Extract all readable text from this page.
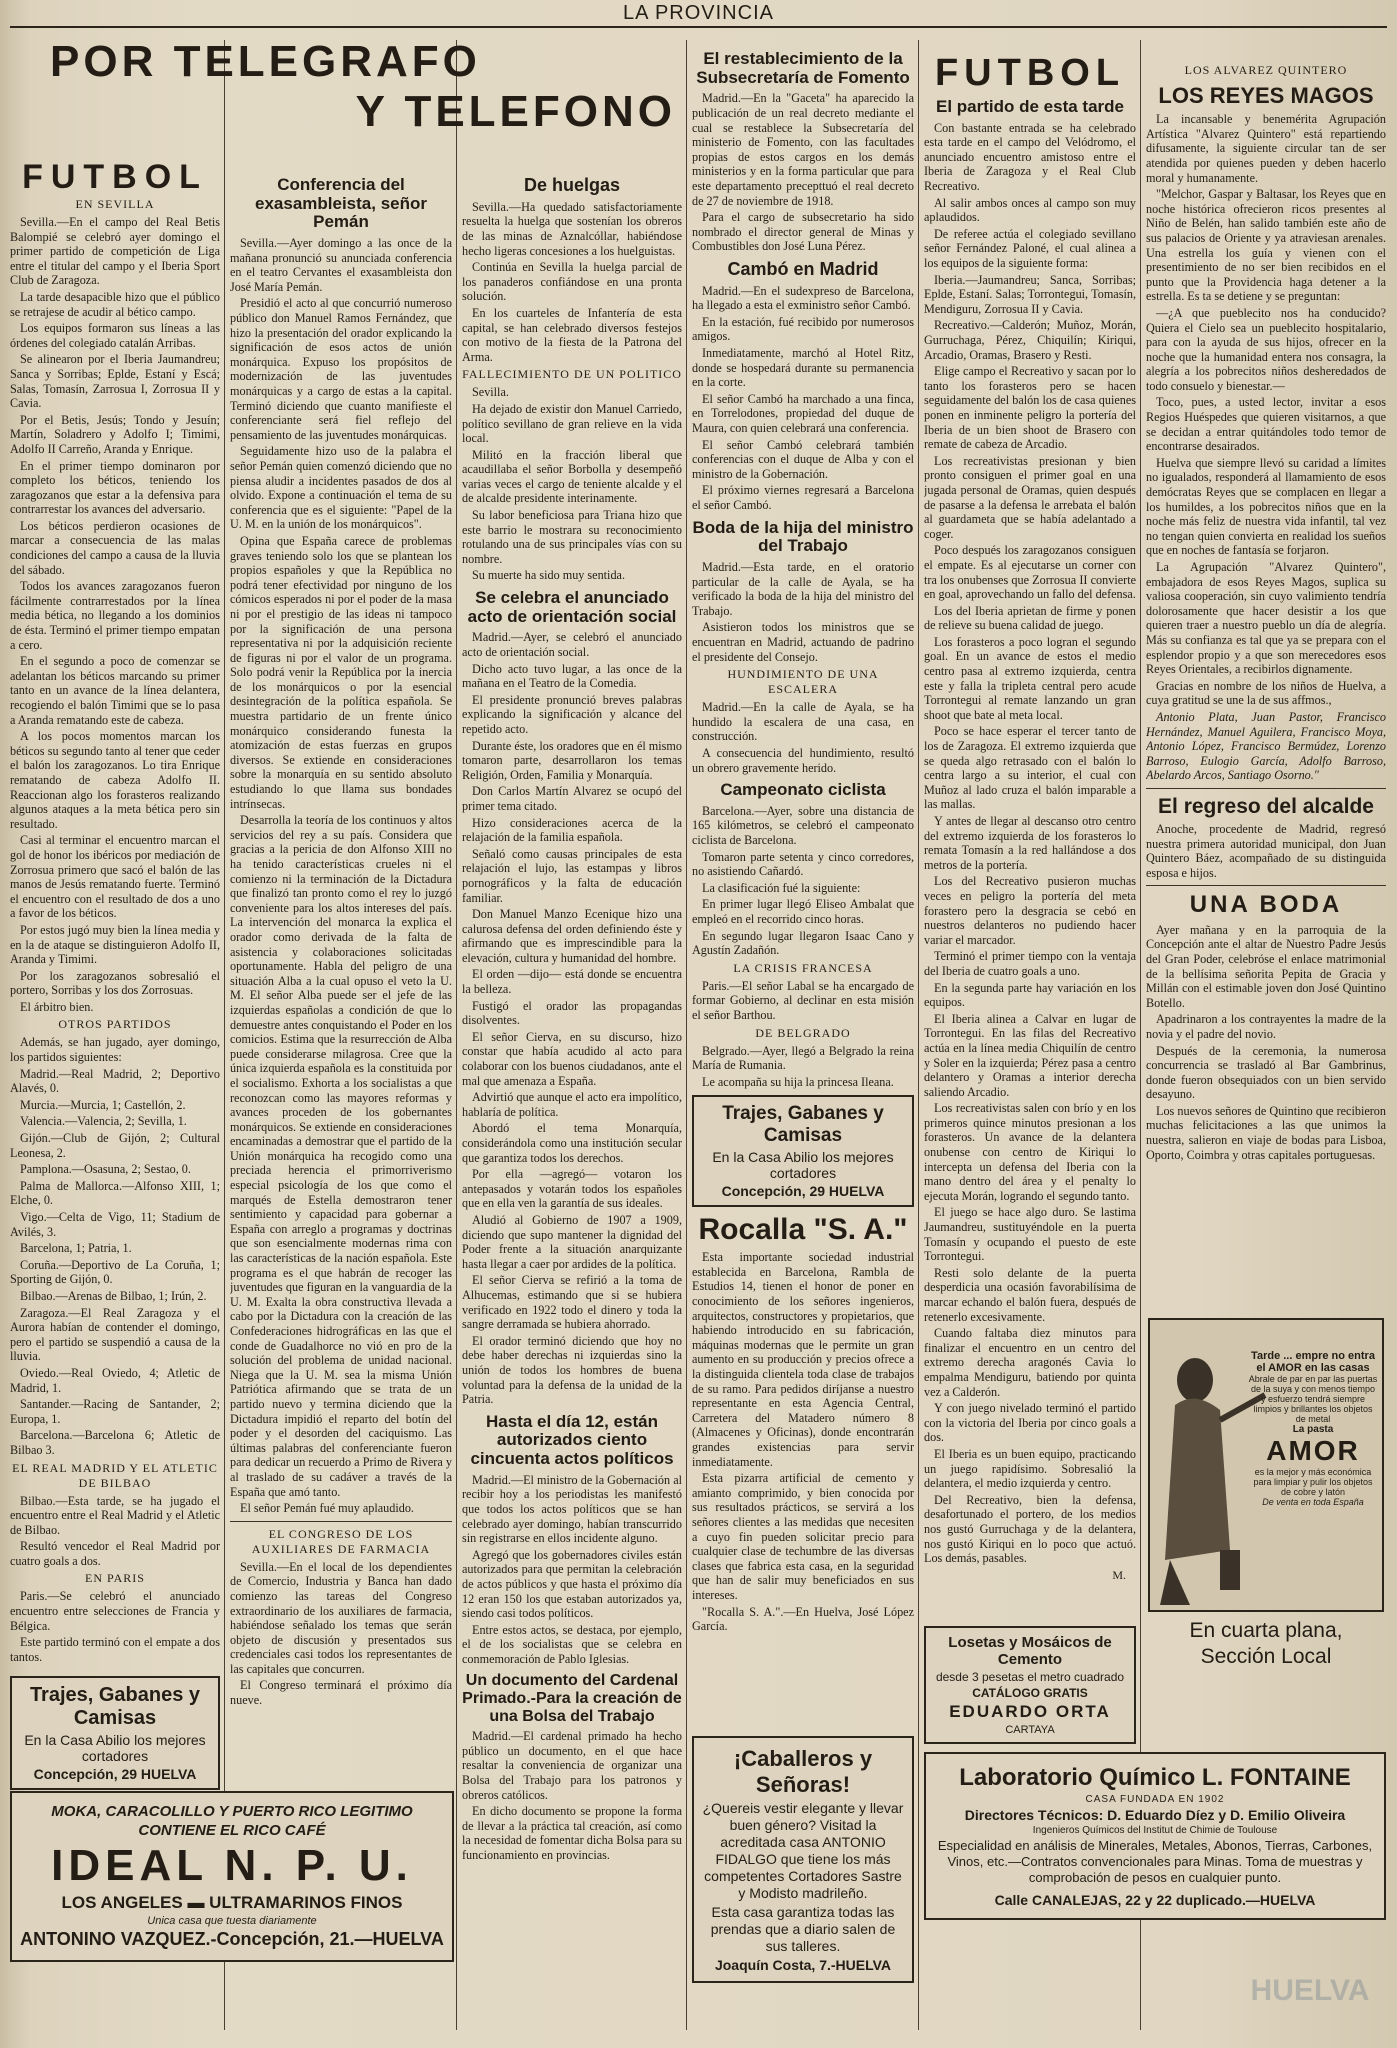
LA PROVINCIA
POR TELEGRAFO
Y TELEFONO
FUTBOL
EN SEVILLA

Sevilla.—En el campo del Real Betis Balompié se celebró ayer domingo el primer partido de competición de Liga entre el titular del campo y el Iberia Sport Club de Zaragoza.

La tarde desapacible hizo que el público se retrajese de acudir al bético campo.

Los equipos formaron sus líneas a las órdenes del colegiado catalán Arribas.

Se alinearon por el Iberia Jaumandreu; Sanca y Sorribas; Eplde, Estaní y Escá; Salas, Tomasín, Zarrosua I, Zorrosua II y Cavia.

Por el Betis, Jesús; Tondo y Jesuín; Martín, Soladrero y Adolfo I; Timimi, Adolfo II Carreño, Aranda y Enrique.

En el primer tiempo dominaron por completo los béticos, teniendo los zaragozanos que estar a la defensiva para contrarrestar los avances del adversario.

Los béticos perdieron ocasiones de marcar a consecuencia de las malas condiciones del campo a causa de la lluvia del sábado.

Todos los avances zaragozanos fueron fácilmente contrarrestados por la línea media bética, no llegando a los dominios de ésta. Terminó el primer tiempo empatan a cero.

En el segundo a poco de comenzar se adelantan los béticos marcando su primer tanto en un avance de la línea delantera, recogiendo el balón Timimi que se lo pasa a Aranda rematando este de cabeza.

A los pocos momentos marcan los béticos su segundo tanto al tener que ceder el balón los zaragozanos. Lo tira Enrique rematando de cabeza Adolfo II. Reaccionan algo los forasteros realizando algunos ataques a la meta bética pero sin resultado.

Casi al terminar el encuentro marcan el gol de honor los ibéricos por mediación de Zorrosua primero que sacó el balón de las manos de Jesús rematando fuerte. Terminó el encuentro con el resultado de dos a uno a favor de los béticos.

Por estos jugó muy bien la línea media y en la de ataque se distinguieron Adolfo II, Aranda y Timimi.

Por los zaragozanos sobresalió el portero, Sorribas y los dos Zorrosuas.

El árbitro bien.

OTROS PARTIDOS

Además, se han jugado, ayer domingo, los partidos siguientes:

Madrid.—Real Madrid, 2; Deportivo Alavés, 0.

Murcia.—Murcia, 1; Castellón, 2.

Valencia.—Valencia, 2; Sevilla, 1.

Gijón.—Club de Gijón, 2; Cultural Leonesa, 2.

Pamplona.—Osasuna, 2; Sestao, 0.

Palma de Mallorca.—Alfonso XIII, 1; Elche, 0.

Vigo.—Celta de Vigo, 11; Stadium de Avilés, 3.

Barcelona, 1; Patria, 1.

Coruña.—Deportivo de La Coruña, 1; Sporting de Gijón, 0.

Bilbao.—Arenas de Bilbao, 1; Irún, 2.

Zaragoza.—El Real Zaragoza y el Aurora habían de contender el domingo, pero el partido se suspendió a causa de la lluvia.

Oviedo.—Real Oviedo, 4; Atletic de Madrid, 1.

Santander.—Racing de Santander, 2; Europa, 1.

Barcelona.—Barcelona 6; Atletic de Bilbao 3.

EL REAL MADRID Y EL ATLETIC DE BILBAO

Bilbao.—Esta tarde, se ha jugado el encuentro entre el Real Madrid y el Atletic de Bilbao.

Resultó vencedor el Real Madrid por cuatro goals a dos.

EN PARIS

Paris.—Se celebró el anunciado encuentro entre selecciones de Francia y Bélgica.

Este partido terminó con el empate a dos tantos.

Trajes, Gabanes y Camisas
En la Casa Abilio los mejores cortadores
Concepción, 29 HUELVA
MOKA, CARACOLILLO Y PUERTO RICO LEGITIMO
CONTIENE EL RICO CAFÉ
IDEAL N. P. U.
LOS ANGELES ▬ ULTRAMARINOS FINOS
Unica casa que tuesta diariamente
ANTONINO VAZQUEZ.-Concepción, 21.—HUELVA
Conferencia del exasambleista, señor Pemán

Sevilla.—Ayer domingo a las once de la mañana pronunció su anunciada conferencia en el teatro Cervantes el exasambleista don José María Pemán.

Presidió el acto al que concurrió numeroso público don Manuel Ramos Fernández, que hizo la presentación del orador explicando la significación de esos actos de unión monárquica. Expuso los propósitos de modernización de las juventudes monárquicas y a cargo de estas a la capital. Terminó diciendo que cuanto manifieste el conferenciante será fiel reflejo del pensamiento de las juventudes monárquicas.

Seguidamente hizo uso de la palabra el señor Pemán quien comenzó diciendo que no piensa aludir a incidentes pasados de dos al olvido. Expone a continuación el tema de su conferencia que es el siguiente: "Papel de la U. M. en la unión de los monárquicos".

Opina que España carece de problemas graves teniendo solo los que se plantean los propios españoles y que la República no podrá tener efectividad por ninguno de los cómicos esperados ni por el poder de la masa ni por el prestigio de las ideas ni tampoco por la significación de una persona representativa ni por la adquisición reciente de figuras ni por el valor de un programa. Solo podrá venir la República por la inercia de los monárquicos o por la esencial desintegración de la política española. Se muestra partidario de un frente único monárquico considerando funesta la atomización de estas fuerzas en grupos diversos. Se extiende en consideraciones sobre la monarquía en su sentido absoluto estudiando lo que llama sus bondades intrínsecas.

Desarrolla la teoría de los continuos y altos servicios del rey a su país. Considera que gracias a la pericia de don Alfonso XIII no ha tenido características crueles ni el comienzo ni la terminación de la Dictadura que finalizó tan pronto como el rey lo juzgó conveniente para los altos intereses del país. La intervención del monarca la explica el orador como derivada de la falta de asistencia y colaboraciones solicitadas oportunamente. Habla del peligro de una situación Alba a la cual opuso el veto la U. M. El señor Alba puede ser el jefe de las izquierdas españolas a condición de que lo demuestre antes conquistando el Poder en los comicios. Estima que la resurrección de Alba puede considerarse milagrosa. Cree que la única izquierda española es la constituida por el socialismo. Exhorta a los socialistas a que reconozcan como las mayores reformas y avances proceden de los gobernantes monárquicos. Se extiende en consideraciones encaminadas a demostrar que el partido de la Unión monárquica ha recogido como una preciada herencia el primorriverismo especial psicología de los que como el marqués de Estella demostraron tener sentimiento y capacidad para gobernar a España con arreglo a programas y doctrinas que son esencialmente modernas rima con las características de la nación española. Este programa es el que habrán de recoger las juventudes que figuran en la vanguardia de la U. M. Exalta la obra constructiva llevada a cabo por la Dictadura con la creación de las Confederaciones hidrográficas en las que el conde de Guadalhorce no vió en pro de la solución del problema de unidad nacional. Niega que la U. M. sea la misma Unión Patriótica afirmando que se trata de un partido nuevo y termina diciendo que la Dictadura impidió el reparto del botín del poder y el desorden del caciquismo. Las últimas palabras del conferenciante fueron para dedicar un recuerdo a Primo de Rivera y al traslado de su cadáver a través de la España que amó tanto.

El señor Pemán fué muy aplaudido.

EL CONGRESO DE LOS AUXILIARES DE FARMACIA

Sevilla.—En el local de los dependientes de Comercio, Industria y Banca han dado comienzo las tareas del Congreso extraordinario de los auxiliares de farmacia, habiéndose señalado los temas que serán objeto de discusión y presentados sus credenciales casi todos los representantes de las capitales que concurren.

El Congreso terminará el próximo día nueve.

De huelgas

Sevilla.—Ha quedado satisfactoriamente resuelta la huelga que sostenían los obreros de las minas de Aznalcóllar, habiéndose hecho ligeras concesiones a los huelguistas.

Continúa en Sevilla la huelga parcial de los panaderos confiándose en una pronta solución.

En los cuarteles de Infantería de esta capital, se han celebrado diversos festejos con motivo de la fiesta de la Patrona del Arma.

FALLECIMIENTO DE UN POLITICO

Sevilla.

Ha dejado de existir don Manuel Carriedo, político sevillano de gran relieve en la vida local.

Militó en la fracción liberal que acaudillaba el señor Borbolla y desempeñó varias veces el cargo de teniente alcalde y el de alcalde presidente interinamente.

Su labor beneficiosa para Triana hizo que este barrio le mostrara su reconocimiento rotulando una de sus principales vías con su nombre.

Su muerte ha sido muy sentida.

Se celebra el anunciado acto de orientación social

Madrid.—Ayer, se celebró el anunciado acto de orientación social.

Dicho acto tuvo lugar, a las once de la mañana en el Teatro de la Comedia.

El presidente pronunció breves palabras explicando la significación y alcance del repetido acto.

Durante éste, los oradores que en él mismo tomaron parte, desarrollaron los temas Religión, Orden, Familia y Monarquía.

Don Carlos Martín Alvarez se ocupó del primer tema citado.

Hizo consideraciones acerca de la relajación de la familia española.

Señaló como causas principales de esta relajación el lujo, las estampas y libros pornográficos y la falta de educación familiar.

Don Manuel Manzo Ecenique hizo una calurosa defensa del orden definiendo éste y afirmando que es imprescindible para la elevación, cultura y humanidad del hombre.

El orden —dijo— está donde se encuentra la belleza.

Fustigó el orador las propagandas disolventes.

El señor Cierva, en su discurso, hizo constar que había acudido al acto para colaborar con los buenos ciudadanos, ante el mal que amenaza a España.

Advirtió que aunque el acto era impolítico, hablaría de política.

Abordó el tema Monarquía, considerándola como una institución secular que garantiza todos los derechos.

Por ella —agregó— votaron los antepasados y votarán todos los españoles que en ella ven la garantía de sus ideales.

Aludió al Gobierno de 1907 a 1909, diciendo que supo mantener la dignidad del Poder frente a la situación anarquizante hasta llegar a caer por ardides de la política.

El señor Cierva se refirió a la toma de Alhucemas, estimando que si se hubiera verificado en 1922 todo el dinero y toda la sangre derramada se hubiera ahorrado.

El orador terminó diciendo que hoy no debe haber derechas ni izquierdas sino la unión de todos los hombres de buena voluntad para la defensa de la unidad de la Patria.

Hasta el día 12, están autorizados ciento cincuenta actos políticos

Madrid.—El ministro de la Gobernación al recibir hoy a los periodistas les manifestó que todos los actos políticos que se han celebrado ayer domingo, habían transcurrido sin registrarse en ellos incidente alguno.

Agregó que los gobernadores civiles están autorizados para que permitan la celebración de actos públicos y que hasta el próximo día 12 eran 150 los que estaban autorizados ya, siendo casi todos políticos.

Entre estos actos, se destaca, por ejemplo, el de los socialistas que se celebra en conmemoración de Pablo Iglesias.

Un documento del Cardenal Primado.-Para la creación de una Bolsa del Trabajo

Madrid.—El cardenal primado ha hecho público un documento, en el que hace resaltar la conveniencia de organizar una Bolsa del Trabajo para los patronos y obreros católicos.

En dicho documento se propone la forma de llevar a la práctica tal creación, así como la necesidad de fomentar dicha Bolsa para su funcionamiento en provincias.

El restablecimiento de la Subsecretaría de Fomento

Madrid.—En la "Gaceta" ha aparecido la publicación de un real decreto mediante el cual se restablece la Subsecretaría del ministerio de Fomento, con las facultades propias de estos cargos en los demás ministerios y en la forma particular que para este departamento precepttuó el real decreto de 27 de noviembre de 1918.

Para el cargo de subsecretario ha sido nombrado el director general de Minas y Combustibles don José Luna Pérez.

Cambó en Madrid

Madrid.—En el sudexpreso de Barcelona, ha llegado a esta el exministro señor Cambó.

En la estación, fué recibido por numerosos amigos.

Inmediatamente, marchó al Hotel Ritz, donde se hospedará durante su permanencia en la corte.

El señor Cambó ha marchado a una finca, en Torrelodones, propiedad del duque de Maura, con quien celebrará una conferencia.

El señor Cambó celebrará también conferencias con el duque de Alba y con el ministro de la Gobernación.

El próximo viernes regresará a Barcelona el señor Cambó.

Boda de la hija del ministro del Trabajo

Madrid.—Esta tarde, en el oratorio particular de la calle de Ayala, se ha verificado la boda de la hija del ministro del Trabajo.

Asistieron todos los ministros que se encuentran en Madrid, actuando de padrino el presidente del Consejo.

HUNDIMIENTO DE UNA ESCALERA

Madrid.—En la calle de Ayala, se ha hundido la escalera de una casa, en construcción.

A consecuencia del hundimiento, resultó un obrero gravemente herido.

Campeonato ciclista

Barcelona.—Ayer, sobre una distancia de 165 kilómetros, se celebró el campeonato ciclista de Barcelona.

Tomaron parte setenta y cinco corredores, no asistiendo Cañardó.

La clasificación fué la siguiente:

En primer lugar llegó Eliseo Ambalat que empleó en el recorrido cinco horas.

En segundo lugar llegaron Isaac Cano y Agustín Zadañón.

LA CRISIS FRANCESA

Paris.—El señor Labal se ha encargado de formar Gobierno, al declinar en esta misión el señor Barthou.

DE BELGRADO

Belgrado.—Ayer, llegó a Belgrado la reina María de Rumania.

Le acompaña su hija la princesa Ileana.

Trajes, Gabanes y Camisas
En la Casa Abilio los mejores cortadores
Concepción, 29 HUELVA
Rocalla "S. A."

Esta importante sociedad industrial establecida en Barcelona, Rambla de Estudios 14, tienen el honor de poner en conocimiento de los señores ingenieros, arquitectos, constructores y propietarios, que habiendo introducido en su fabricación, máquinas modernas que le permite un gran aumento en su producción y precios ofrece a la distinguida clientela toda clase de trabajos de su ramo. Para pedidos diríjanse a nuestro representante en esta Agencia Central, Carretera del Matadero número 8 (Almacenes y Oficinas), donde encontrarán grandes existencias para servir inmediatamente.

Esta pizarra artificial de cemento y amianto comprimido, y bien conocida por sus resultados prácticos, se servirá a los señores clientes a las medidas que necesiten a cuyo fin pueden solicitar precio para cualquier clase de techumbre de las diversas clases que fabrica esta casa, en la seguridad que han de salir muy beneficiados en sus intereses.

"Rocalla S. A.".—En Huelva, José López García.

¡Caballeros y Señoras!
¿Quereis vestir elegante y llevar buen género? Visitad la acreditada casa ANTONIO FIDALGO que tiene los más competentes Cortadores Sastre y Modisto madrileño.
Esta casa garantiza todas las prendas que a diario salen de sus talleres.
Joaquín Costa, 7.-HUELVA
FUTBOL
El partido de esta tarde

Con bastante entrada se ha celebrado esta tarde en el campo del Velódromo, el anunciado encuentro amistoso entre el Iberia de Zaragoza y el Real Club Recreativo.

Al salir ambos onces al campo son muy aplaudidos.

De referee actúa el colegiado sevillano señor Fernández Paloné, el cual alinea a los equipos de la siguiente forma:

Iberia.—Jaumandreu; Sanca, Sorribas; Eplde, Estaní. Salas; Torrontegui, Tomasín, Mendiguru, Zorrosua II y Cavia.

Recreativo.—Calderón; Muñoz, Morán, Gurruchaga, Pérez, Chiquilín; Kiriqui, Arcadio, Oramas, Brasero y Resti.

Elige campo el Recreativo y sacan por lo tanto los forasteros pero se hacen seguidamente del balón los de casa quienes ponen en inminente peligro la portería del Iberia de un bien shoot de Brasero con remate de cabeza de Arcadio.

Los recreativistas presionan y bien pronto consiguen el primer goal en una jugada personal de Oramas, quien después de pasarse a la defensa le arrebata el balón al guardameta que se había adelantado a coger.

Poco después los zaragozanos consiguen el empate. Es al ejecutarse un corner con tra los onubenses que Zorrosua II convierte en goal, aprovechando un fallo del defensa.

Los del Iberia aprietan de firme y ponen de relieve su buena calidad de juego.

Los forasteros a poco logran el segundo goal. En un avance de estos el medio centro pasa al extremo izquierda, centra este y falla la tripleta central pero acude Torrontegui al remate lanzando un gran shoot que bate al meta local.

Poco se hace esperar el tercer tanto de los de Zaragoza. El extremo izquierda que se queda algo retrasado con el balón lo centra largo a su interior, el cual con Muñoz al lado cruza el balón imparable a las mallas.

Y antes de llegar al descanso otro centro del extremo izquierda de los forasteros lo remata Tomasín a la red hallándose a dos metros de la portería.

Los del Recreativo pusieron muchas veces en peligro la portería del meta forastero pero la desgracia se cebó en nuestros delanteros no pudiendo hacer variar el marcador.

Terminó el primer tiempo con la ventaja del Iberia de cuatro goals a uno.

En la segunda parte hay variación en los equipos.

El Iberia alinea a Calvar en lugar de Torrontegui. En las filas del Recreativo actúa en la línea media Chiquilín de centro y Soler en la izquierda; Pérez pasa a centro delantero y Oramas a interior derecha saliendo Arcadio.

Los recreativistas salen con brío y en los primeros quince minutos presionan a los forasteros. Un avance de la delantera onubense con centro de Kiriqui lo intercepta un defensa del Iberia con la mano dentro del área y el penalty lo ejecuta Morán, logrando el segundo tanto.

El juego se hace algo duro. Se lastima Jaumandreu, sustituyéndole en la puerta Tomasín y ocupando el puesto de este Torrontegui.

Resti solo delante de la puerta desperdicia una ocasión favorabilísima de marcar echando el balón fuera, después de retenerlo excesivamente.

Cuando faltaba diez minutos para finalizar el encuentro en un centro del extremo derecha aragonés Cavia lo empalma Mendiguru, batiendo por quinta vez a Calderón.

Y con juego nivelado terminó el partido con la victoria del Iberia por cinco goals a dos.

El Iberia es un buen equipo, practicando un juego rapidísimo. Sobresalió la delantera, el medio izquierda y centro.

Del Recreativo, bien la defensa, desafortunado el portero, de los medios nos gustó Gurruchaga y de la delantera, nos gustó Kiriqui en lo poco que actuó. Los demás, pasables.

M.
Losetas y Mosáicos de Cemento
desde 3 pesetas el metro cuadrado
CATÁLOGO GRATIS
EDUARDO ORTA
CARTAYA
LOS ALVAREZ QUINTERO
LOS REYES MAGOS

La incansable y benemérita Agrupación Artística "Alvarez Quintero" está repartiendo difusamente, la siguiente circular tan de ser atendida por quienes pueden y deben hacerlo moral y humanamente.

"Melchor, Gaspar y Baltasar, los Reyes que en noche histórica ofrecieron ricos presentes al Niño de Belén, han salido también este año de sus palacios de Oriente y ya atraviesan arenales. Una estrella los guía y vienen con el presentimiento de no ser bien recibidos en el punto que la Providencia haga detener a la estrella. Es ta se detiene y se preguntan:

—¿A que pueblecito nos ha conducido? Quiera el Cielo sea un pueblecito hospitalario, para con la ayuda de sus hijos, ofrecer en la noche que la humanidad entera nos consagra, la alegría a los pobrecitos niños desheredados de todo consuelo y bienestar.—

Toco, pues, a usted lector, invitar a esos Regios Huéspedes que quieren visitarnos, a que se decidan a entrar quitándoles todo temor de encontrarse desairados.

Huelva que siempre llevó su caridad a límites no igualados, responderá al llamamiento de esos demócratas Reyes que se complacen en llegar a los humildes, a los pobrecitos niños que en la noche más feliz de nuestra vida infantil, tal vez no tengan quien convierta en realidad los sueños que en noches de fantasía se forjaron.

La Agrupación "Alvarez Quintero", embajadora de esos Reyes Magos, suplica su valiosa cooperación, sin cuyo valimiento tendría dolorosamente que hacer desistir a los que quieren traer a nuestro pueblo un día de alegría. Más su confianza es tal que ya se prepara con el esplendor propio y a que son merecedores esos Reyes Orientales, a recibirlos dignamente.

Gracias en nombre de los niños de Huelva, a cuya gratitud se une la de sus affmos.,

Antonio Plata, Juan Pastor, Francisco Hernández, Manuel Aguilera, Francisco Moya, Antonio López, Francisco Bermúdez, Lorenzo Barroso, Eulogio García, Adolfo Barroso, Abelardo Arcos, Santiago Osorno."

El regreso del alcalde

Anoche, procedente de Madrid, regresó nuestra primera autoridad municipal, don Juan Quintero Báez, acompañado de su distinguida esposa e hijos.

UNA BODA

Ayer mañana y en la parroquia de la Concepción ante el altar de Nuestro Padre Jesús del Gran Poder, celebróse el enlace matrimonial de la bellísima señorita Pepita de Gracia y Millán con el estimable joven don José Quintino Botello.

Apadrinaron a los contrayentes la madre de la novia y el padre del novio.

Después de la ceremonia, la numerosa concurrencia se trasladó al Bar Gambrinus, donde fueron obsequiados con un bien servido desayuno.

Los nuevos señores de Quintino que recibieron muchas felicitaciones a las que unimos la nuestra, salieron en viaje de bodas para Lisboa, Oporto, Coimbra y otras capitales portuguesas.

Tarde ... empre no entra el AMOR en las casas
Abrale de par en par las puertas de la suya y con menos tiempo y esfuerzo tendrá siempre limpios y brillantes los objetos de metal
La pasta
AMOR
es la mejor y más económica para limpiar y pulir los objetos de cobre y latón
De venta en toda España
En cuarta plana,
Sección Local
Laboratorio Químico L. FONTAINE
CASA FUNDADA EN 1902
Directores Técnicos: D. Eduardo Díez y D. Emilio Oliveira
Ingenieros Químicos del Institut de Chimie de Toulouse
Especialidad en análisis de Minerales, Metales, Abonos, Tierras, Carbones, Vinos, etc.—Contratos convencionales para Minas. Toma de muestras y comprobación de pesos en cualquier punto.
Calle CANALEJAS, 22 y 22 duplicado.—HUELVA
HUELVA
